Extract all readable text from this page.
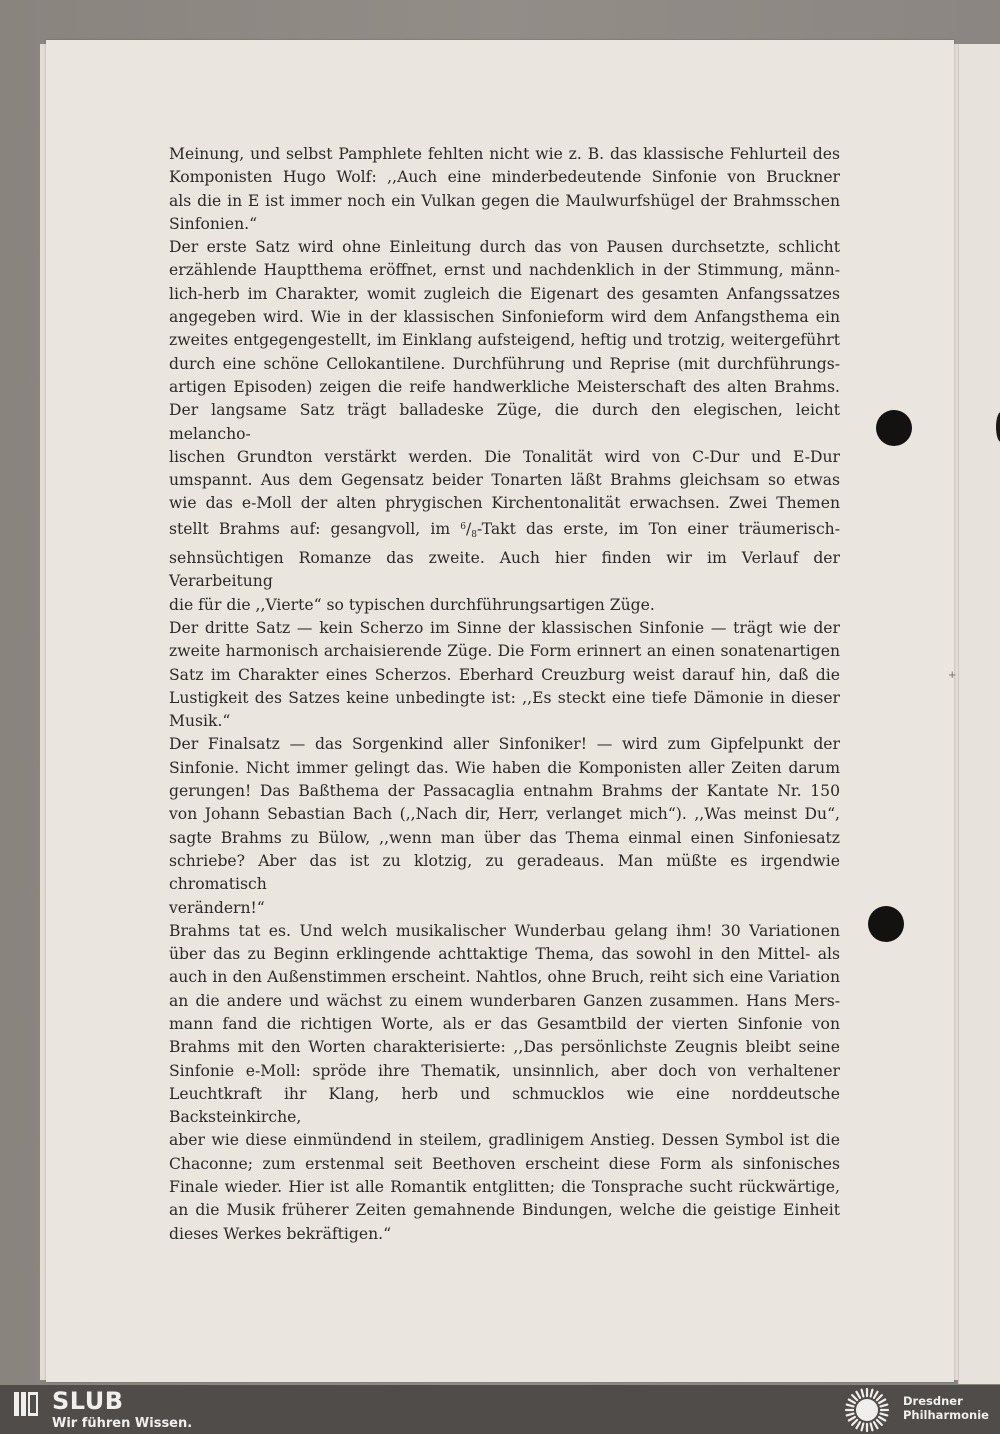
+

Meinung, und selbst Pamphlete fehlten nicht wie z. B. das klassische Fehlurteil des
Komponisten Hugo Wolf: ,,Auch eine minderbedeutende Sinfonie von Bruckner
als die in E ist immer noch ein Vulkan gegen die Maulwurfshügel der Brahmsschen
Sinfonien.“

Der erste Satz wird ohne Einleitung durch das von Pausen durchsetzte, schlicht
erzählende Hauptthema eröffnet, ernst und nachdenklich in der Stimmung, männ-
lich-herb im Charakter, womit zugleich die Eigenart des gesamten Anfangssatzes
angegeben wird. Wie in der klassischen Sinfonieform wird dem Anfangsthema ein
zweites entgegengestellt, im Einklang aufsteigend, heftig und trotzig, weitergeführt
durch eine schöne Cellokantilene. Durchführung und Reprise (mit durchführungs-
artigen Episoden) zeigen die reife handwerkliche Meisterschaft des alten Brahms.
Der langsame Satz trägt balladeske Züge, die durch den elegischen, leicht melancho-
lischen Grundton verstärkt werden. Die Tonalität wird von C-Dur und E-Dur
umspannt. Aus dem Gegensatz beider Tonarten läßt Brahms gleichsam so etwas
wie das e-Moll der alten phrygischen Kirchentonalität erwachsen. Zwei Themen
stellt Brahms auf: gesangvoll, im $^6/_8$-Takt das erste, im Ton einer träumerisch-
sehnsüchtigen Romanze das zweite. Auch hier finden wir im Verlauf der Verarbeitung
die für die ,,Vierte“ so typischen durchführungsartigen Züge.

Der dritte Satz — kein Scherzo im Sinne der klassischen Sinfonie — trägt wie der
zweite harmonisch archaisierende Züge. Die Form erinnert an einen sonatenartigen
Satz im Charakter eines Scherzos. Eberhard Creuzburg weist darauf hin, daß die
Lustigkeit des Satzes keine unbedingte ist: ,,Es steckt eine tiefe Dämonie in dieser
Musik.“

Der Finalsatz — das Sorgenkind aller Sinfoniker! — wird zum Gipfelpunkt der
Sinfonie. Nicht immer gelingt das. Wie haben die Komponisten aller Zeiten darum
gerungen! Das Baßthema der Passacaglia entnahm Brahms der Kantate Nr. 150
von Johann Sebastian Bach (,,Nach dir, Herr, verlanget mich“). ,,Was meinst Du“,
sagte Brahms zu Bülow, ,,wenn man über das Thema einmal einen Sinfoniesatz
schriebe? Aber das ist zu klotzig, zu geradeaus. Man müßte es irgendwie chromatisch
verändern!“

Brahms tat es. Und welch musikalischer Wunderbau gelang ihm! 30 Variationen
über das zu Beginn erklingende achttaktige Thema, das sowohl in den Mittel- als
auch in den Außenstimmen erscheint. Nahtlos, ohne Bruch, reiht sich eine Variation
an die andere und wächst zu einem wunderbaren Ganzen zusammen. Hans Mers-
mann fand die richtigen Worte, als er das Gesamtbild der vierten Sinfonie von
Brahms mit den Worten charakterisierte: ,,Das persönlichste Zeugnis bleibt seine
Sinfonie e-Moll: spröde ihre Thematik, unsinnlich, aber doch von verhaltener
Leuchtkraft ihr Klang, herb und schmucklos wie eine norddeutsche Backsteinkirche,
aber wie diese einmündend in steilem, gradlinigem Anstieg. Dessen Symbol ist die
Chaconne; zum erstenmal seit Beethoven erscheint diese Form als sinfonisches
Finale wieder. Hier ist alle Romantik entglitten; die Tonsprache sucht rückwärtige,
an die Musik früherer Zeiten gemahnende Bindungen, welche die geistige Einheit
dieses Werkes bekräftigen.“

SLUB
Wir führen Wissen.
Dresdner
Philharmonie
